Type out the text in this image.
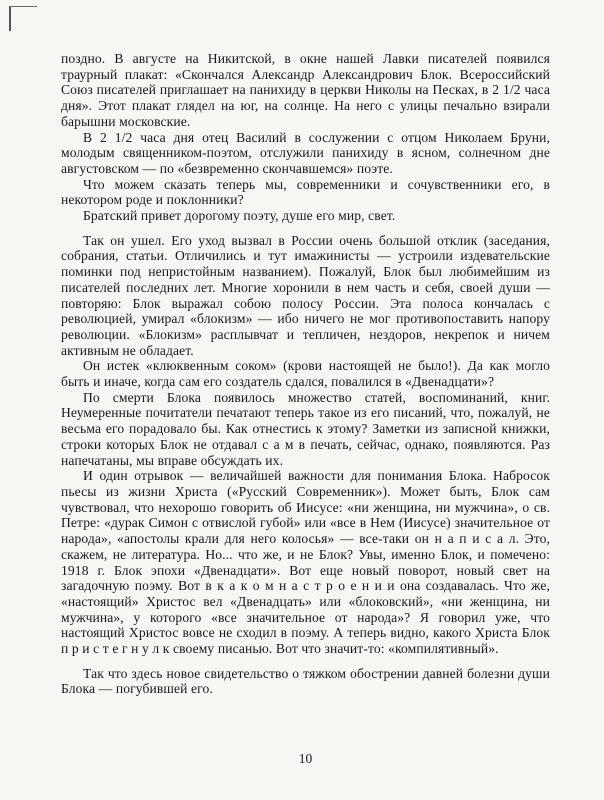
поздно. В августе на Никитской, в окне нашей Лавки писателей появился траурный плакат: «Скончался Александр Александрович Блок. Всероссийский Союз писателей приглашает на панихиду в церкви Николы на Песках, в 2 1/2 часа дня». Этот плакат глядел на юг, на солнце. На него с улицы печально взирали барышни московские.

В 2 1/2 часа дня отец Василий в сослужении с отцом Николаем Бруни, молодым священником-поэтом, отслужили панихиду в ясном, солнечном дне августовском — по «безвременно скончавшемся» поэте.

Что можем сказать теперь мы, современники и сочувственники его, в некотором роде и поклонники?

Братский привет дорогому поэту, душе его мир, свет.

Так он ушел. Его уход вызвал в России очень большой отклик (заседания, собрания, статьи. Отличились и тут имажинисты — устроили издевательские поминки под непристойным названием). Пожалуй, Блок был любимейшим из писателей последних лет. Многие хоронили в нем часть и себя, своей души — повторяю: Блок выражал собою полосу России. Эта полоса кончалась с революцией, умирал «блокизм» — ибо ничего не мог противопоставить напору революции. «Блокизм» расплывчат и тепличен, нездоров, некрепок и ничем активным не обладает.

Он истек «клюквенным соком» (крови настоящей не было!). Да как могло быть и иначе, когда сам его создатель сдался, повалился в «Двенадцати»?

По смерти Блока появилось множество статей, воспоминаний, книг. Неумеренные почитатели печатают теперь такое из его писаний, что, пожалуй, не весьма его порадовало бы. Как отнестись к этому? Заметки из записной книжки, строки которых Блок не отдавал с а м в печать, сейчас, однако, появляются. Раз напечатаны, мы вправе обсуждать их.

И один отрывок — величайшей важности для понимания Блока. Набросок пьесы из жизни Христа («Русский Современник»). Может быть, Блок сам чувствовал, что нехорошо говорить об Иисусе: «ни женщина, ни мужчина», о св. Петре: «дурак Симон с отвислой губой» или «все в Нем (Иисусе) значительное от народа», «апостолы крали для него колосья» — все-таки он н а п и с а л. Это, скажем, не литература. Но... что же, и не Блок? Увы, именно Блок, и помечено: 1918 г. Блок эпохи «Двенадцати». Вот еще новый поворот, новый свет на загадочную поэму. Вот в к а к о м н а с т р о е н и и она создавалась. Что же, «настоящий» Христос вел «Двенадцать» или «блоковский», «ни женщина, ни мужчина», у которого «все значительное от народа»? Я говорил уже, что настоящий Христос вовсе не сходил в поэму. А теперь видно, какого Христа Блок п р и с т е г н у л к своему писанью. Вот что значит-то: «компилятивный».

Так что здесь новое свидетельство о тяжком обострении давней болезни души Блока — погубившей его.

10
